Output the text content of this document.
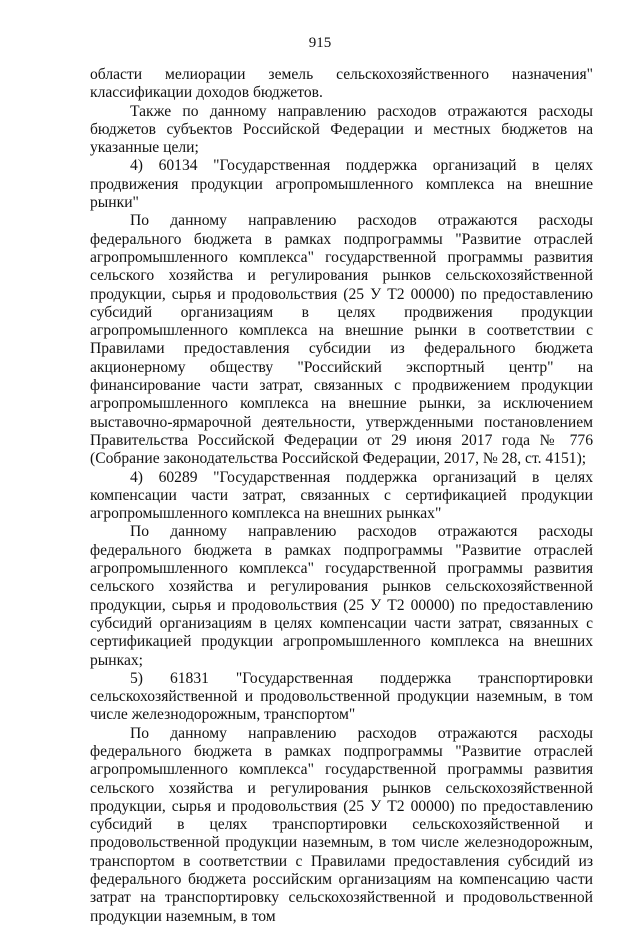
915

области мелиорации земель сельскохозяйственного назначения" классификации доходов бюджетов.

Также по данному направлению расходов отражаются расходы бюджетов субъектов Российской Федерации и местных бюджетов на указанные цели;

4) 60134 "Государственная поддержка организаций в целях продвижения продукции агропромышленного комплекса на внешние рынки"

По данному направлению расходов отражаются расходы федерального бюджета в рамках подпрограммы "Развитие отраслей агропромышленного комплекса" государственной программы развития сельского хозяйства и регулирования рынков сельскохозяйственной продукции, сырья и продовольствия (25 У Т2 00000) по предоставлению субсидий организациям в целях продвижения продукции агропромышленного комплекса на внешние рынки в соответствии с Правилами предоставления субсидии из федерального бюджета акционерному обществу "Российский экспортный центр" на финансирование части затрат, связанных с продвижением продукции агропромышленного комплекса на внешние рынки, за исключением выставочно-ярмарочной деятельности, утвержденными постановлением Правительства Российской Федерации от 29 июня 2017 года № 776 (Собрание законодательства Российской Федерации, 2017, № 28, ст. 4151);

4) 60289 "Государственная поддержка организаций в целях компенсации части затрат, связанных с сертификацией продукции агропромышленного комплекса на внешних рынках"

По данному направлению расходов отражаются расходы федерального бюджета в рамках подпрограммы "Развитие отраслей агропромышленного комплекса" государственной программы развития сельского хозяйства и регулирования рынков сельскохозяйственной продукции, сырья и продовольствия (25 У Т2 00000) по предоставлению субсидий организациям в целях компенсации части затрат, связанных с сертификацией продукции агропромышленного комплекса на внешних рынках;

5) 61831 "Государственная поддержка транспортировки сельскохозяйственной и продовольственной продукции наземным, в том числе железнодорожным, транспортом"

По данному направлению расходов отражаются расходы федерального бюджета в рамках подпрограммы "Развитие отраслей агропромышленного комплекса" государственной программы развития сельского хозяйства и регулирования рынков сельскохозяйственной продукции, сырья и продовольствия (25 У Т2 00000) по предоставлению субсидий в целях транспортировки сельскохозяйственной и продовольственной продукции наземным, в том числе железнодорожным, транспортом в соответствии с Правилами предоставления субсидий из федерального бюджета российским организациям на компенсацию части затрат на транспортировку сельскохозяйственной и продовольственной продукции наземным, в том
